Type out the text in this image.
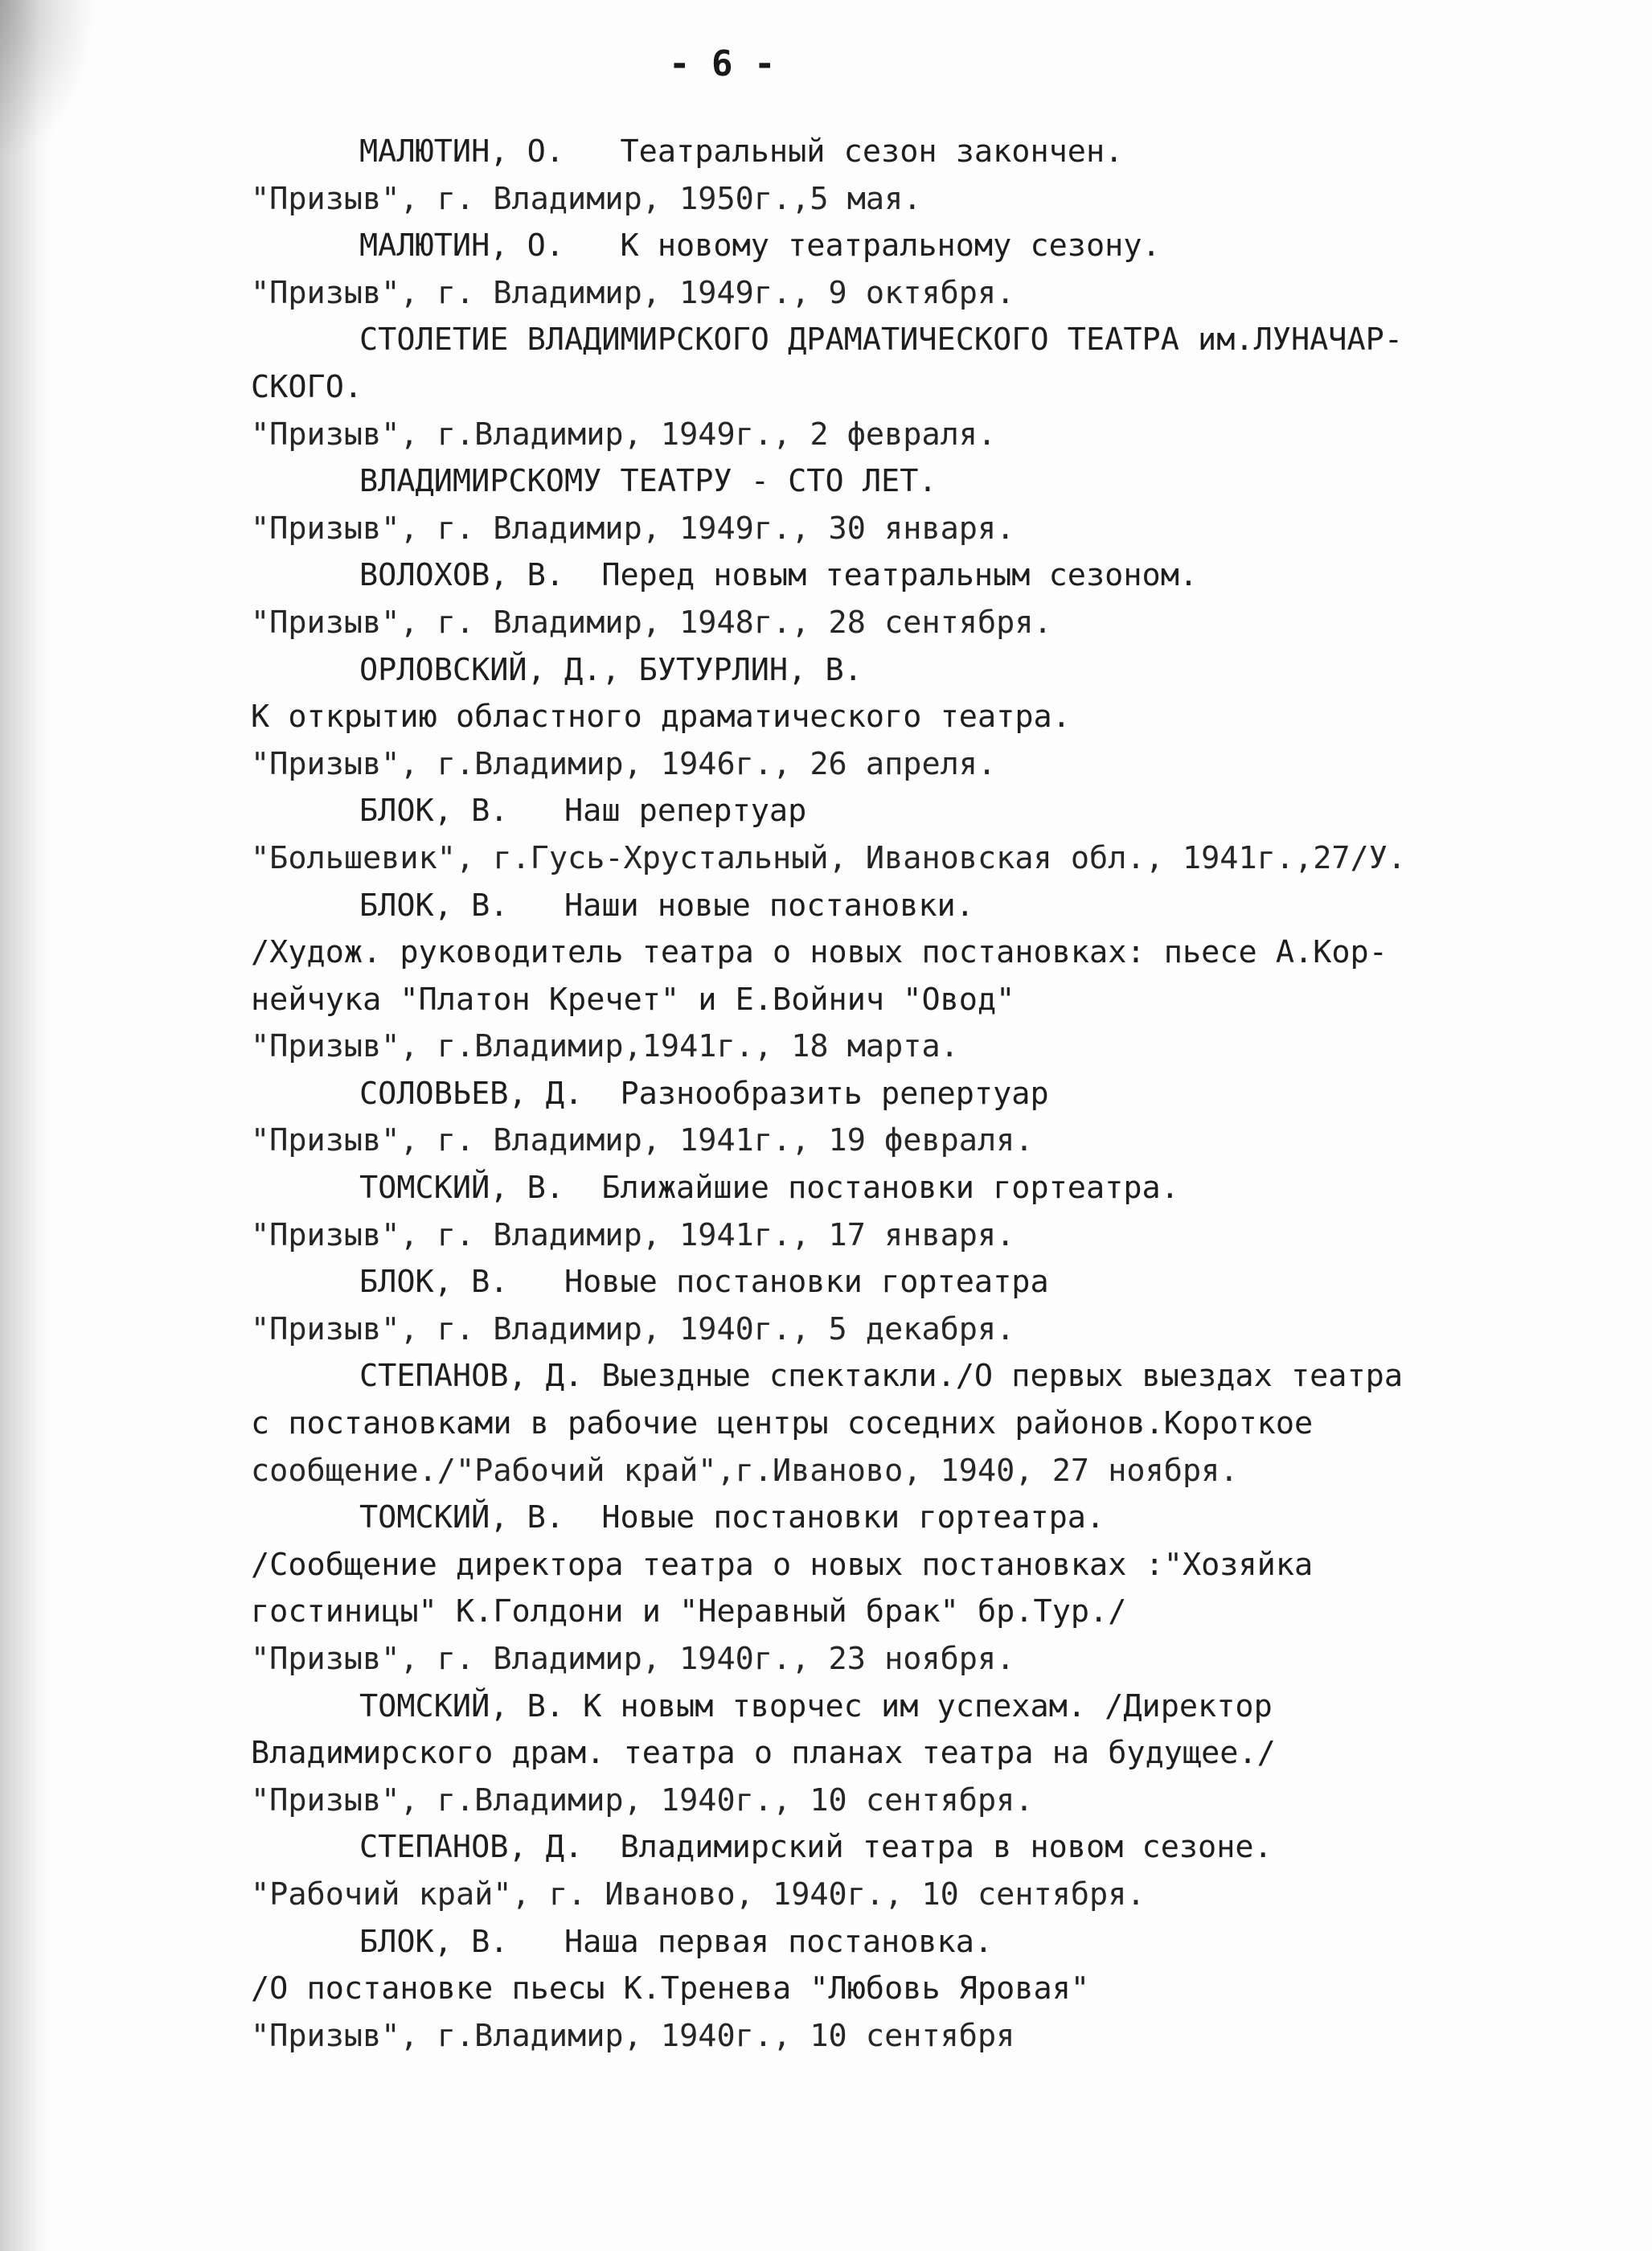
- 6 -
МАЛЮТИН, О.   Театральный сезон закончен.
"Призыв", г. Владимир, 1950г.,5 мая.
МАЛЮТИН, О.   К новому театральному сезону.
"Призыв", г. Владимир, 1949г., 9 октября.
СТОЛЕТИЕ ВЛАДИМИРСКОГО ДРАМАТИЧЕСКОГО ТЕАТРА им.ЛУНАЧАР-
СКОГО.
"Призыв", г.Владимир, 1949г., 2 февраля.
ВЛАДИМИРСКОМУ ТЕАТРУ - СТО ЛЕТ.
"Призыв", г. Владимир, 1949г., 30 января.
ВОЛОХОВ, В.  Перед новым театральным сезоном.
"Призыв", г. Владимир, 1948г., 28 сентября.
ОРЛОВСКИЙ, Д., БУТУРЛИН, В.
К открытию областного драматического театра.
"Призыв", г.Владимир, 1946г., 26 апреля.
БЛОК, В.   Наш репертуар
"Большевик", г.Гусь-Хрустальный, Ивановская обл., 1941г.,27/У.
БЛОК, В.   Наши новые постановки.
/Худож. руководитель театра о новых постановках: пьесе А.Кор-
нейчука "Платон Кречет" и Е.Войнич "Овод"
"Призыв", г.Владимир,1941г., 18 марта.
СОЛОВЬЕВ, Д.  Разнообразить репертуар
"Призыв", г. Владимир, 1941г., 19 февраля.
ТОМСКИЙ, В.  Ближайшие постановки гортеатра.
"Призыв", г. Владимир, 1941г., 17 января.
БЛОК, В.   Новые постановки гортеатра
"Призыв", г. Владимир, 1940г., 5 декабря.
СТЕПАНОВ, Д. Выездные спектакли./О первых выездах театра
с постановками в рабочие центры соседних районов.Короткое
сообщение./"Рабочий край",г.Иваново, 1940, 27 ноября.
ТОМСКИЙ, В.  Новые постановки гортеатра.
/Сообщение директора театра о новых постановках :"Хозяйка
гостиницы" К.Голдони и "Неравный брак" бр.Тур./
"Призыв", г. Владимир, 1940г., 23 ноября.
ТОМСКИЙ, В. К новым творчес им успехам. /Директор
Владимирского драм. театра о планах театра на будущее./
"Призыв", г.Владимир, 1940г., 10 сентября.
СТЕПАНОВ, Д.  Владимирский театра в новом сезоне.
"Рабочий край", г. Иваново, 1940г., 10 сентября.
БЛОК, В.   Наша первая постановка.
/О постановке пьесы К.Тренева "Любовь Яровая"
"Призыв", г.Владимир, 1940г., 10 сентября
